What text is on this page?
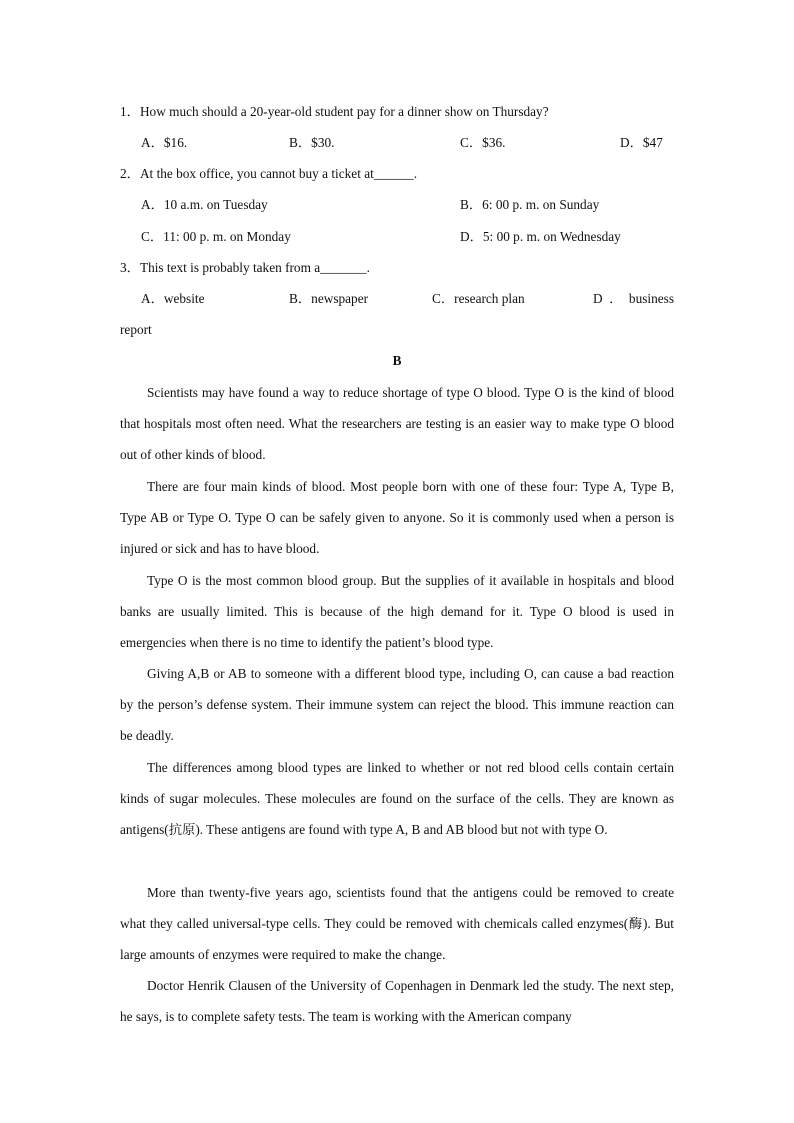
1．How much should a 20-year-old student pay for a dinner show on Thursday?
A．$16.	B．$30.	C．$36.	D．$47
2．At the box office, you cannot buy a ticket at______.
A．10 a.m. on Tuesday	B．6: 00 p. m. on Sunday
C．11: 00 p. m. on Monday	D．5: 00 p. m. on Wednesday
3．This text is probably taken from a_______.
A．website	B．newspaper	C．research plan	D．business
report
B
Scientists may have found a way to reduce shortage of type O blood. Type O is the kind of blood that hospitals most often need. What the researchers are testing is an easier way to make type O blood out of other kinds of blood.
There are four main kinds of blood. Most people born with one of these four: Type A, Type B, Type AB or Type O. Type O can be safely given to anyone. So it is commonly used when a person is injured or sick and has to have blood.
Type O is the most common blood group. But the supplies of it available in hospitals and blood banks are usually limited. This is because of the high demand for it. Type O blood is used in emergencies when there is no time to identify the patient’s blood type.
Giving A,B or AB to someone with a different blood type, including O, can cause a bad reaction by the person’s defense system. Their immune system can reject the blood. This immune reaction can be deadly.
The differences among blood types are linked to whether or not red blood cells contain certain kinds of sugar molecules. These molecules are found on the surface of the cells. They are known as antigens(抗原). These antigens are found with type A, B and AB blood but not with type O.
More than twenty-five years ago, scientists found that the antigens could be removed to create what they called universal-type cells. They could be removed with chemicals called enzymes(酶). But large amounts of enzymes were required to make the change.
Doctor Henrik Clausen of the University of Copenhagen in Denmark led the study. The next step, he says, is to complete safety tests. The team is working with the American company
